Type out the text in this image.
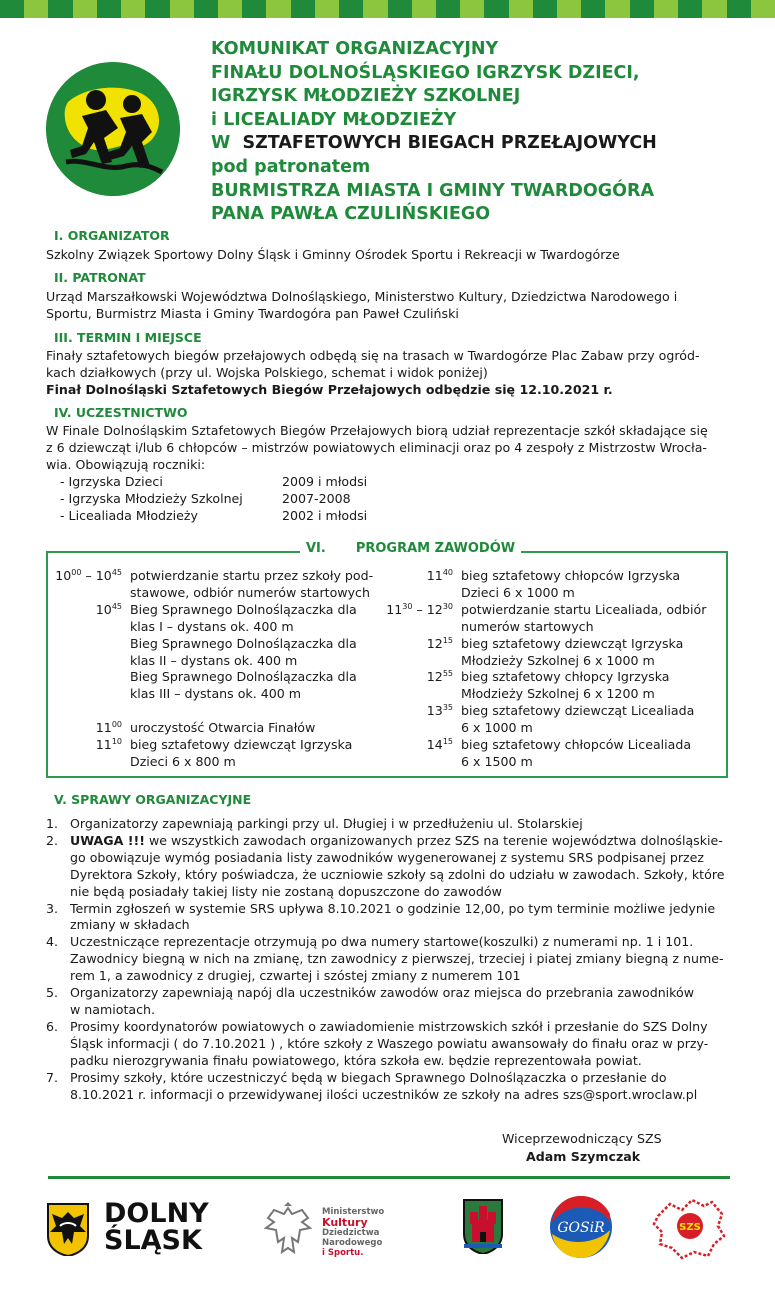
KOMUNIKAT ORGANIZACYJNY
FINAŁU DOLNOŚLĄSKIEGO IGRZYSK DZIECI,
IGRZYSK MŁODZIEŻY SZKOLNEJ
i LICEALIADY MŁODZIEŻY
W SZTAFETOWYCH BIEGACH PRZEŁAJOWYCH
pod patronatem
BURMISTRZA MIASTA I GMINY TWARDOGÓRA
PANA PAWŁA CZULIŃSKIEGO
I. ORGANIZATOR
Szkolny Związek Sportowy Dolny Śląsk i Gminny Ośrodek Sportu i Rekreacji w Twardogórze
II. PATRONAT
Urząd Marszałkowski Województwa Dolnośląskiego, Ministerstwo Kultury, Dziedzictwa Narodowego i
Sportu, Burmistrz Miasta i Gminy Twardogóra pan Paweł Czuliński
III. TERMIN I MIEJSCE
Finały sztafetowych biegów przełajowych odbędą się na trasach w Twardogórze Plac Zabaw przy ogród-
kach działkowych (przy ul. Wojska Polskiego, schemat i widok poniżej)
Finał Dolnośląski Sztafetowych Biegów Przełajowych odbędzie się 12.10.2021 r.
IV. UCZESTNICTWO
W Finale Dolnośląskim Sztafetowych Biegów Przełajowych biorą udział reprezentacje szkół składające się
z 6 dziewcząt i/lub 6 chłopców – mistrzów powiatowych eliminacji oraz po 4 zespoły z Mistrzostw Wrocła-
wia. Obowiązują roczniki:
- Igrzyska Dzieci	2009 i młodsi
- Igrzyska Młodzieży Szkolnej	2007-2008
- Licealiada Młodzieży	2002 i młodsi
VI. PROGRAM ZAWODÓW
$10^{00} - 10^{45}$ potwierdzanie startu przez szkoły pod-
stawowe, odbiór numerów startowych
$10^{45}$ Bieg Sprawnego Dolnoślązaczka dla
klas I – dystans ok. 400 m
Bieg Sprawnego Dolnoślązaczka dla
klas II – dystans ok. 400 m
Bieg Sprawnego Dolnoślązaczka dla
klas III – dystans ok. 400 m

$11^{00}$ uroczystość Otwarcia Finałów
$11^{10}$ bieg sztafetowy dziewcząt Igrzyska
Dzieci 6 x 800 m
$11^{40}$ bieg sztafetowy chłopców Igrzyska
Dzieci 6 x 1000 m
$11^{30} - 12^{30}$ potwierdzanie startu Licealiada, odbiór
numerów startowych
$12^{15}$ bieg sztafetowy dziewcząt Igrzyska
Młodzieży Szkolnej 6 x 1000 m
$12^{55}$ bieg sztafetowy chłopcy Igrzyska
Młodzieży Szkolnej 6 x 1200 m
$13^{35}$ bieg sztafetowy dziewcząt Licealiada
6 x 1000 m
$14^{15}$ bieg sztafetowy chłopców Licealiada
6 x 1500 m
V. SPRAWY ORGANIZACYJNE
1. Organizatorzy zapewniają parkingi przy ul. Długiej i w przedłużeniu ul. Stolarskiej
2. UWAGA !!! we wszystkich zawodach organizowanych przez SZS na terenie województwa dolnośląskie-
go obowiązuje wymóg posiadania listy zawodników wygenerowanej z systemu SRS podpisanej przez
Dyrektora Szkoły, który poświadcza, że uczniowie szkoły są zdolni do udziału w zawodach. Szkoły, które
nie będą posiadały takiej listy nie zostaną dopuszczone do zawodów
3. Termin zgłoszeń w systemie SRS upływa 8.10.2021 o godzinie 12,00, po tym terminie możliwe jedynie
zmiany w składach
4. Uczestniczące reprezentacje otrzymują po dwa numery startowe(koszulki) z numerami np. 1 i 101.
Zawodnicy biegną w nich na zmianę, tzn zawodnicy z pierwszej, trzeciej i piatej zmiany biegną z nume-
rem 1, a zawodnicy z drugiej, czwartej i szóstej zmiany z numerem 101
5. Organizatorzy zapewniają napój dla uczestników zawodów oraz miejsca do przebrania zawodników
w namiotach.
6. Prosimy koordynatorów powiatowych o zawiadomienie mistrzowskich szkół i przesłanie do SZS Dolny
Śląsk informacji ( do 7.10.2021 ) , które szkoły z Waszego powiatu awansowały do finału oraz w przy-
padku nierozgrywania finału powiatowego, która szkoła ew. będzie reprezentowała powiat.
7. Prosimy szkoły, które uczestniczyć będą w biegach Sprawnego Dolnoślązaczka o przesłanie do
8.10.2021 r. informacji o przewidywanej ilości uczestników ze szkoły na adres szs@sport.wroclaw.pl
Wiceprzewodniczący SZS
Adam Szymczak
DOLNY
ŚLĄSK
Ministerstwo
Kultury
Dziedzictwa
Narodowego
i Sportu.
GOSiR	SZS
